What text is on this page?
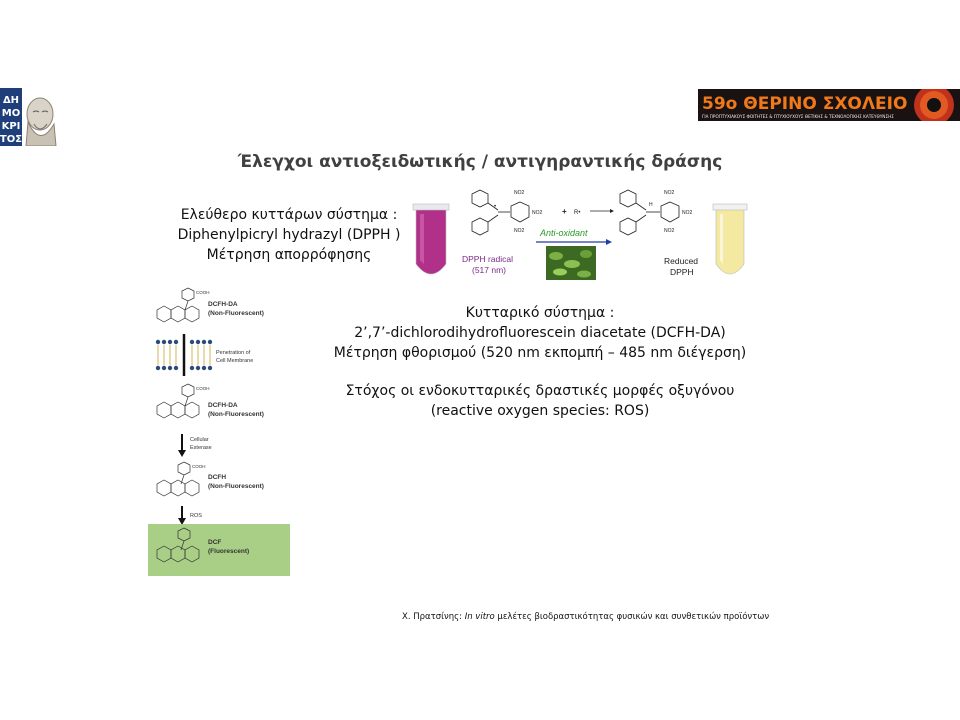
ΔΗ
ΜΟ
ΚΡΙ
ΤΟΣ
59ο ΘΕΡΙΝΟ ΣΧΟΛΕΙΟ
ΓΙΑ ΠΡΟΠΤΥΧΙΑΚΟΥΣ ΦΟΙΤΗΤΕΣ & ΠΤΥΧΙΟΥΧΟΥΣ ΘΕΤΙΚΗΣ & ΤΕΧΝΟΛΟΓΙΚΗΣ ΚΑΤΕΥΘΥΝΣΗΣ
Έλεγχοι αντιοξειδωτικής / αντιγηραντικής δράσης
Ελεύθερο κυττάρων σύστημα :
Diphenylpicryl hydrazyl (DPPH )
Μέτρηση απορρόφησης
•
NO2
NO2
NO2
+ R•
DPPH radical
(517 nm)
Anti-oxidant
H
NO2
NO2
NO2
Reduced
DPPH
COOH
DCFH-DA
(Non-Fluorescent)
Penetration of
Cell Membrane
COOH
DCFH-DA
(Non-Fluorescent)
Cellular
Esterase
COOH
DCFH
(Non-Fluorescent)
ROS
DCF
(Fluorescent)
Κυτταρικό σύστημα :
2’,7’-dichlorodihydrofluorescein diacetate (DCFH-DA)
Μέτρηση φθορισμού (520 nm εκπομπή – 485 nm διέγερση)
Στόχος οι ενδοκυτταρικές δραστικές μορφές οξυγόνου
(reactive oxygen species: ROS)
Χ. Πρατσίνης: In vitro μελέτες βιοδραστικότητας φυσικών και συνθετικών προϊόντων
